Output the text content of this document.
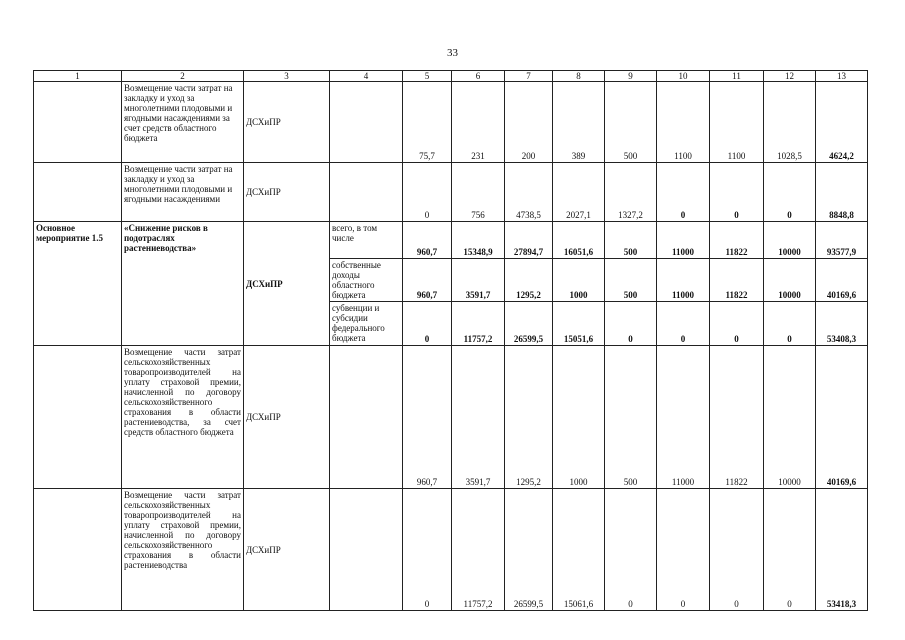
33
1	2	3	4	5	6	7	8	9	10	11	12	13
	Возмещение части затрат на закладку и уход за многолетними плодовыми и ягодными насаждениями за счет средств областного бюджета	ДСХиПР		75,7	231	200	389	500	1100	1100	1028,5	4624,2
	Возмещение части затрат на закладку и уход за многолетними плодовыми и ягодными насаждениями	ДСХиПР		0	756	4738,5	2027,1	1327,2	0	0	0	8848,8
Основное мероприятие 1.5	«Снижение рисков в подотраслях растениеводства»	ДСХиПР	всего, в том числе	960,7	15348,9	27894,7	16051,6	500	11000	11822	10000	93577,9
			собственные доходы областного бюджета	960,7	3591,7	1295,2	1000	500	11000	11822	10000	40169,6
			субвенции и субсидии федерального бюджета	0	11757,2	26599,5	15051,6	0	0	0	0	53408,3
	Возмещение части затрат сельскохозяйственных товаропроизводителей на уплату страховой премии, начисленной по договору сельскохозяйственного страхования в области растениеводства, за счет средств областного бюджета	ДСХиПР		960,7	3591,7	1295,2	1000	500	11000	11822	10000	40169,6
	Возмещение части затрат сельскохозяйственных товаропроизводителей на уплату страховой премии, начисленной по договору сельскохозяйственного страхования в области растениеводства	ДСХиПР		0	11757,2	26599,5	15061,6	0	0	0	0	53418,3
